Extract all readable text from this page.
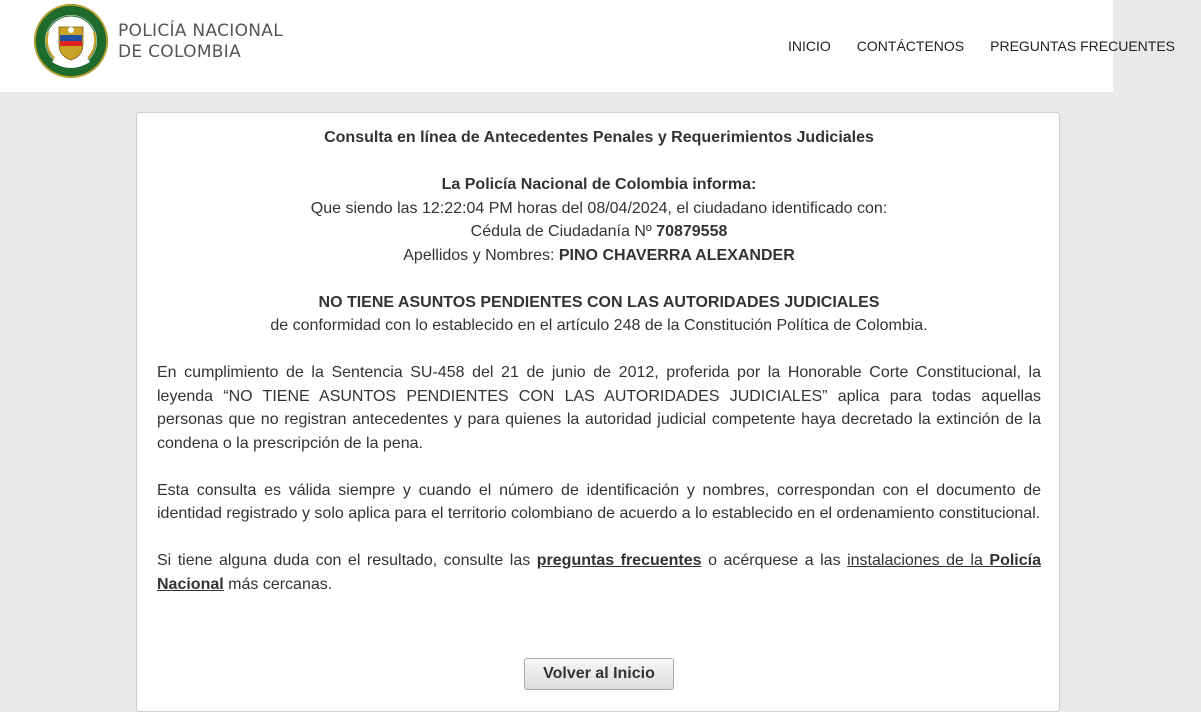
POLICÍA NACIONAL
DE COLOMBIA	INICIO CONTÁCTENOS PREGUNTAS FRECUENTES
Consulta en línea de Antecedentes Penales y Requerimientos Judiciales
La Policía Nacional de Colombia informa:
Que siendo las 12:22:04 PM horas del 08/04/2024, el ciudadano identificado con:
Cédula de Ciudadanía Nº 70879558
Apellidos y Nombres: PINO CHAVERRA ALEXANDER
NO TIENE ASUNTOS PENDIENTES CON LAS AUTORIDADES JUDICIALES
de conformidad con lo establecido en el artículo 248 de la Constitución Política de Colombia.
En cumplimiento de la Sentencia SU-458 del 21 de junio de 2012, proferida por la Honorable Corte Constitucional, la leyenda “NO TIENE ASUNTOS PENDIENTES CON LAS AUTORIDADES JUDICIALES” aplica para todas aquellas personas que no registran antecedentes y para quienes la autoridad judicial competente haya decretado la extinción de la condena o la prescripción de la pena.
Esta consulta es válida siempre y cuando el número de identificación y nombres, correspondan con el documento de identidad registrado y solo aplica para el territorio colombiano de acuerdo a lo establecido en el ordenamiento constitucional.
Si tiene alguna duda con el resultado, consulte las preguntas frecuentes o acérquese a las instalaciones de la Policía Nacional más cercanas.
Volver al Inicio
